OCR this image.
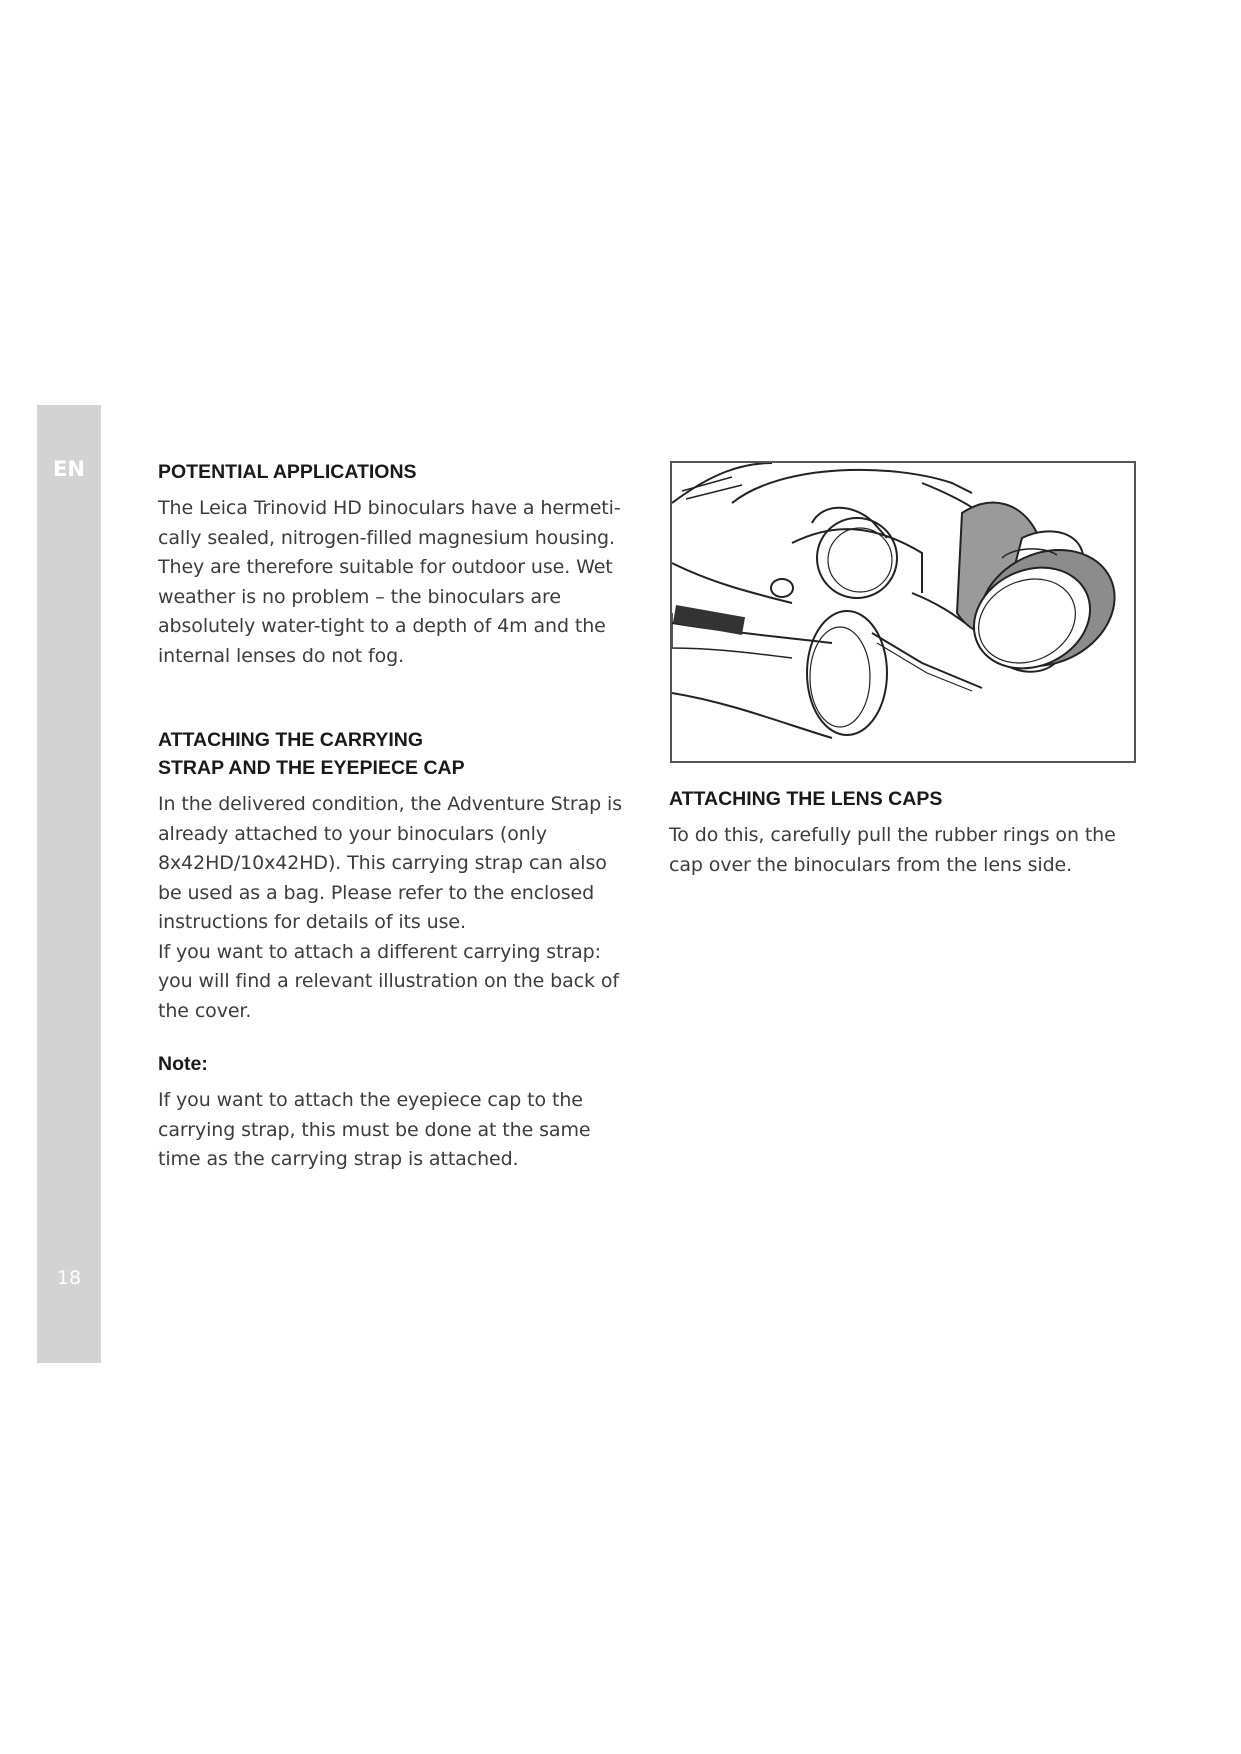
EN
18
POTENTIAL APPLICATIONS

The Leica Trinovid HD binoculars have a hermeti-

cally sealed, nitrogen-filled magnesium housing.

They are therefore suitable for outdoor use. Wet

weather is no problem – the binoculars are

absolutely water-tight to a depth of 4m and the

internal lenses do not fog.

ATTACHING THE CARRYING
STRAP AND THE EYEPIECE CAP

In the delivered condition, the Adventure Strap is

already attached to your binoculars (only

8x42HD/10x42HD). This carrying strap can also

be used as a bag. Please refer to the enclosed

instructions for details of its use.

If you want to attach a different carrying strap:

you will find a relevant illustration on the back of

the cover.

Note:

If you want to attach the eyepiece cap to the

carrying strap, this must be done at the same

time as the carrying strap is attached.

ATTACHING THE LENS CAPS

To do this, carefully pull the rubber rings on the

cap over the binoculars from the lens side.
